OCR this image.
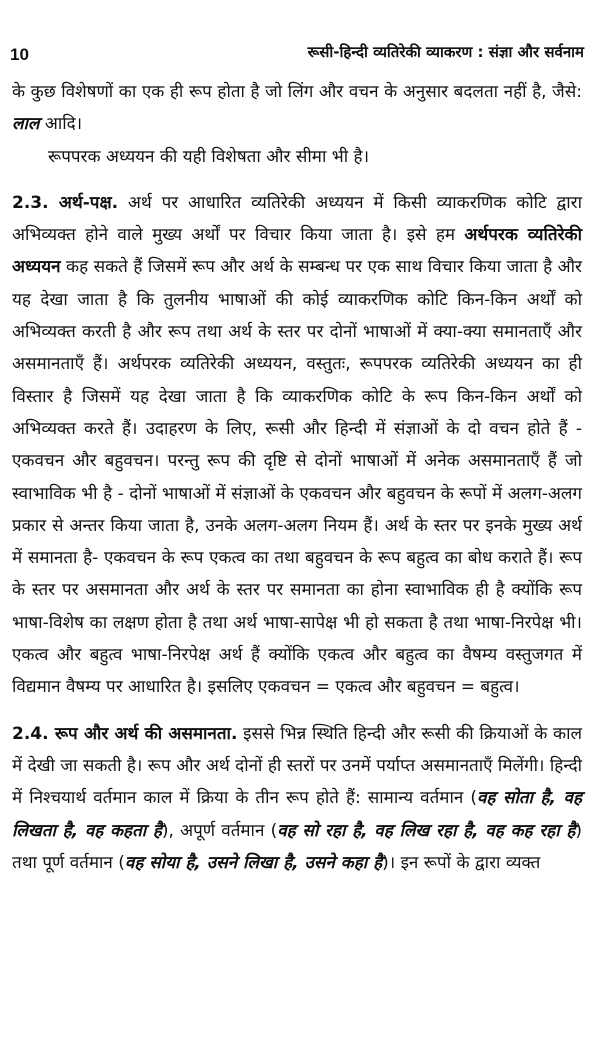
10	रूसी-हिन्दी व्यतिरेकी व्याकरण : संज्ञा और सर्वनाम

के कुछ विशेषणों का एक ही रूप होता है जो लिंग और वचन के अनुसार बदलता नहीं है, जैसे: लाल आदि।

रूपपरक अध्ययन की यही विशेषता और सीमा भी है।

2.3. अर्थ-पक्ष. अर्थ पर आधारित व्यतिरेकी अध्ययन में किसी व्याकरणिक कोटि द्वारा अभिव्यक्त होने वाले मुख्य अर्थों पर विचार किया जाता है। इसे हम अर्थपरक व्यतिरेकी अध्ययन कह सकते हैं जिसमें रूप और अर्थ के सम्बन्ध पर एक साथ विचार किया जाता है और यह देखा जाता है कि तुलनीय भाषाओं की कोई व्याकरणिक कोटि किन-किन अर्थों को अभिव्यक्त करती है और रूप तथा अर्थ के स्तर पर दोनों भाषाओं में क्या-क्या समानताएँ और असमानताएँ हैं। अर्थपरक व्यतिरेकी अध्ययन, वस्तुतः, रूपपरक व्यतिरेकी अध्ययन का ही विस्तार है जिसमें यह देखा जाता है कि व्याकरणिक कोटि के रूप किन-किन अर्थों को अभिव्यक्त करते हैं। उदाहरण के लिए, रूसी और हिन्दी में संज्ञाओं के दो वचन होते हैं - एकवचन और बहुवचन। परन्तु रूप की दृष्टि से दोनों भाषाओं में अनेक असमानताएँ हैं जो स्वाभाविक भी है - दोनों भाषाओं में संज्ञाओं के एकवचन और बहुवचन के रूपों में अलग-अलग प्रकार से अन्तर किया जाता है, उनके अलग-अलग नियम हैं। अर्थ के स्तर पर इनके मुख्य अर्थ में समानता है- एकवचन के रूप एकत्व का तथा बहुवचन के रूप बहुत्व का बोध कराते हैं। रूप के स्तर पर असमानता और अर्थ के स्तर पर समानता का होना स्वाभाविक ही है क्योंकि रूप भाषा-विशेष का लक्षण होता है तथा अर्थ भाषा-सापेक्ष भी हो सकता है तथा भाषा-निरपेक्ष भी। एकत्व और बहुत्व भाषा-निरपेक्ष अर्थ हैं क्योंकि एकत्व और बहुत्व का वैषम्य वस्तुजगत में विद्यमान वैषम्य पर आधारित है। इसलिए एकवचन = एकत्व और बहुवचन = बहुत्व।

2.4. रूप और अर्थ की असमानता. इससे भिन्न स्थिति हिन्दी और रूसी की क्रियाओं के काल में देखी जा सकती है। रूप और अर्थ दोनों ही स्तरों पर उनमें पर्याप्त असमानताएँ मिलेंगी। हिन्दी में निश्चयार्थ वर्तमान काल में क्रिया के तीन रूप होते हैं: सामान्य वर्तमान (वह सोता है, वह लिखता है, वह कहता है), अपूर्ण वर्तमान (वह सो रहा है, वह लिख रहा है, वह कह रहा है) तथा पूर्ण वर्तमान (वह सोया है, उसने लिखा है, उसने कहा है)। इन रूपों के द्वारा व्यक्त
